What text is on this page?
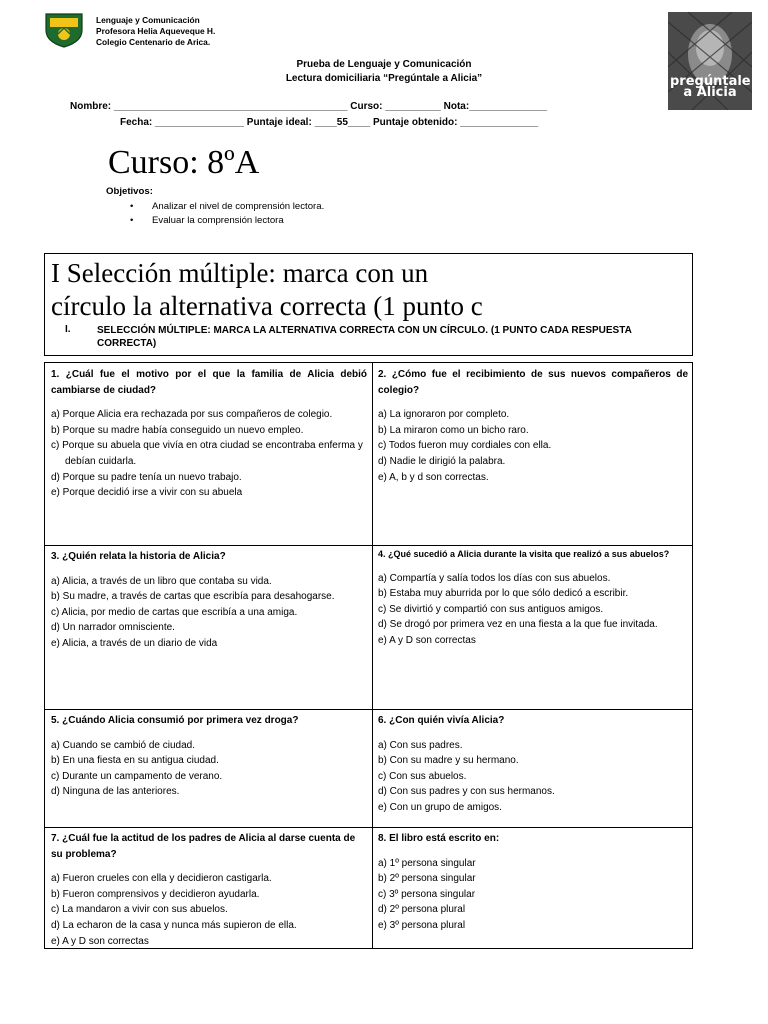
Lenguaje y Comunicación
Profesora Helia Aqueveque H.
Colegio Centenario de Arica.
pregúntale
a Alicia
Prueba de Lenguaje y Comunicación
Lectura domiciliaria “Pregúntale a Alicia”
Nombre: __________________________________________ Curso: __________ Nota:______________
Fecha: ________________ Puntaje ideal: ____55____ Puntaje obtenido: ______________
Curso: 8ºA
Objetivos:
• Analizar el nivel de comprensión lectora.
• Evaluar la comprensión lectora
I Selección múltiple: marca con un
círculo la alternativa correcta (1 punto c
I.	SELECCIÓN MÚLTIPLE: MARCA LA ALTERNATIVA CORRECTA CON UN CÍRCULO. (1 PUNTO CADA RESPUESTA CORRECTA)
1. ¿Cuál fue el motivo por el que la familia de Alicia debió cambiarse de ciudad?
a) Porque Alicia era rechazada por sus compañeros de colegio.
b) Porque su madre había conseguido un nuevo empleo.
c) Porque su abuela que vivía en otra ciudad se encontraba enferma y debían cuidarla.
d) Porque su padre tenía un nuevo trabajo.
e) Porque decidió irse a vivir con su abuela
2. ¿Cómo fue el recibimiento de sus nuevos compañeros de colegio?
a) La ignoraron por completo.
b) La miraron como un bicho raro.
c) Todos fueron muy cordiales con ella.
d) Nadie le dirigió la palabra.
e) A, b y d son correctas.
3. ¿Quién relata la historia de Alicia?
a) Alicia, a través de un libro que contaba su vida.
b) Su madre, a través de cartas que escribía para desahogarse.
c) Alicia, por medio de cartas que escribía a una amiga.
d) Un narrador omnisciente.
e) Alicia, a través de un diario de vida
4. ¿Qué sucedió a Alicia durante la visita que realizó a sus abuelos?
a) Compartía y salía todos los días con sus abuelos.
b) Estaba muy aburrida por lo que sólo dedicó a escribir.
c) Se divirtió y compartió con sus antiguos amigos.
d) Se drogó por primera vez en una fiesta a la que fue invitada.
e) A y D son correctas
5. ¿Cuándo Alicia consumió por primera vez droga?
a) Cuando se cambió de ciudad.
b) En una fiesta en su antigua ciudad.
c) Durante un campamento de verano.
d) Ninguna de las anteriores.
6. ¿Con quién vivía Alicia?
a) Con sus padres.
b) Con su madre y su hermano.
c) Con sus abuelos.
d) Con sus padres y con sus hermanos.
e) Con un grupo de amigos.
7. ¿Cuál fue la actitud de los padres de Alicia al darse cuenta de su problema?
a) Fueron crueles con ella y decidieron castigarla.
b) Fueron comprensivos y decidieron ayudarla.
c) La mandaron a vivir con sus abuelos.
d) La echaron de la casa y nunca más supieron de ella.
e) A y D son correctas
8. El libro está escrito en:
a) 1º persona singular
b) 2º persona singular
c) 3º persona singular
d) 2º persona plural
e) 3º persona plural
